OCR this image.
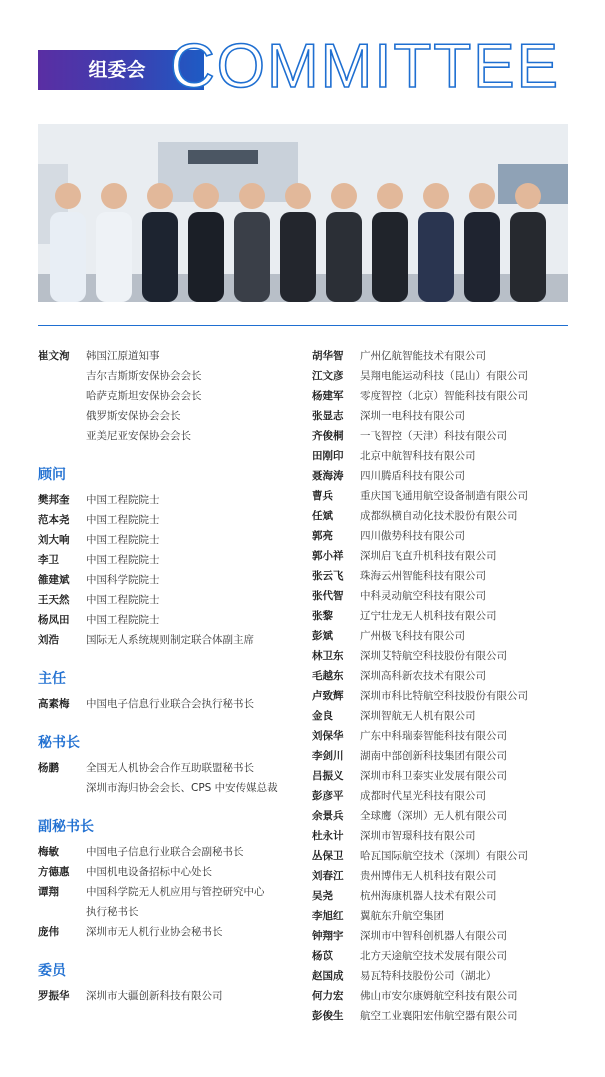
组委会 COMMITTEE
崔文洵	韩国江原道知事
吉尔吉斯斯安保协会会长
哈萨克斯坦安保协会会长
俄罗斯安保协会会长
亚美尼亚安保协会会长
顾问
樊邦奎	中国工程院院士
范本尧	中国工程院院士
刘大响	中国工程院院士
李卫	中国工程院院士
雒建斌	中国科学院院士
王天然	中国工程院院士
杨凤田	中国工程院院士
刘浩	国际无人系统规则制定联合体副主席
主任
高素梅	中国电子信息行业联合会执行秘书长
秘书长
杨鹏	全国无人机协会合作互助联盟秘书长
深圳市海归协会会长、CPS 中安传媒总裁
副秘书长
梅敏	中国电子信息行业联合会副秘书长
方德惠	中国机电设备招标中心处长
谭翔	中国科学院无人机应用与管控研究中心
执行秘书长
庞伟	深圳市无人机行业协会秘书长
委员
罗振华	深圳市大疆创新科技有限公司
胡华智	广州亿航智能技术有限公司
江文彦	昊翔电能运动科技（昆山）有限公司
杨建军	零度智控（北京）智能科技有限公司
张显志	深圳一电科技有限公司
齐俊桐	一飞智控（天津）科技有限公司
田刚印	北京中航智科技有限公司
聂海涛	四川腾盾科技有限公司
曹兵	重庆国飞通用航空设备制造有限公司
任斌	成都纵横自动化技术股份有限公司
郭亮	四川傲势科技有限公司
郭小祥	深圳启飞直升机科技有限公司
张云飞	珠海云州智能科技有限公司
张代智	中科灵动航空科技有限公司
张黎	辽宁壮龙无人机科技有限公司
彭斌	广州极飞科技有限公司
林卫东	深圳艾特航空科技股份有限公司
毛越东	深圳高科新农技术有限公司
卢致辉	深圳市科比特航空科技股份有限公司
金良	深圳智航无人机有限公司
刘保华	广东中科瑞泰智能科技有限公司
李剑川	湖南中部创新科技集团有限公司
吕振义	深圳市科卫泰实业发展有限公司
彭彦平	成都时代星光科技有限公司
余景兵	全球鹰（深圳）无人机有限公司
杜永计	深圳市智璟科技有限公司
丛保卫	哈瓦国际航空技术（深圳）有限公司
刘春江	贵州博伟无人机科技有限公司
吴尧	杭州海康机器人技术有限公司
李旭红	翼航东升航空集团
钟翔宇	深圳市中智科创机器人有限公司
杨苡	北方天途航空技术发展有限公司
赵国成	易瓦特科技股份公司（湖北）
何力宏	佛山市安尔康姆航空科技有限公司
彭俊生	航空工业襄阳宏伟航空器有限公司
